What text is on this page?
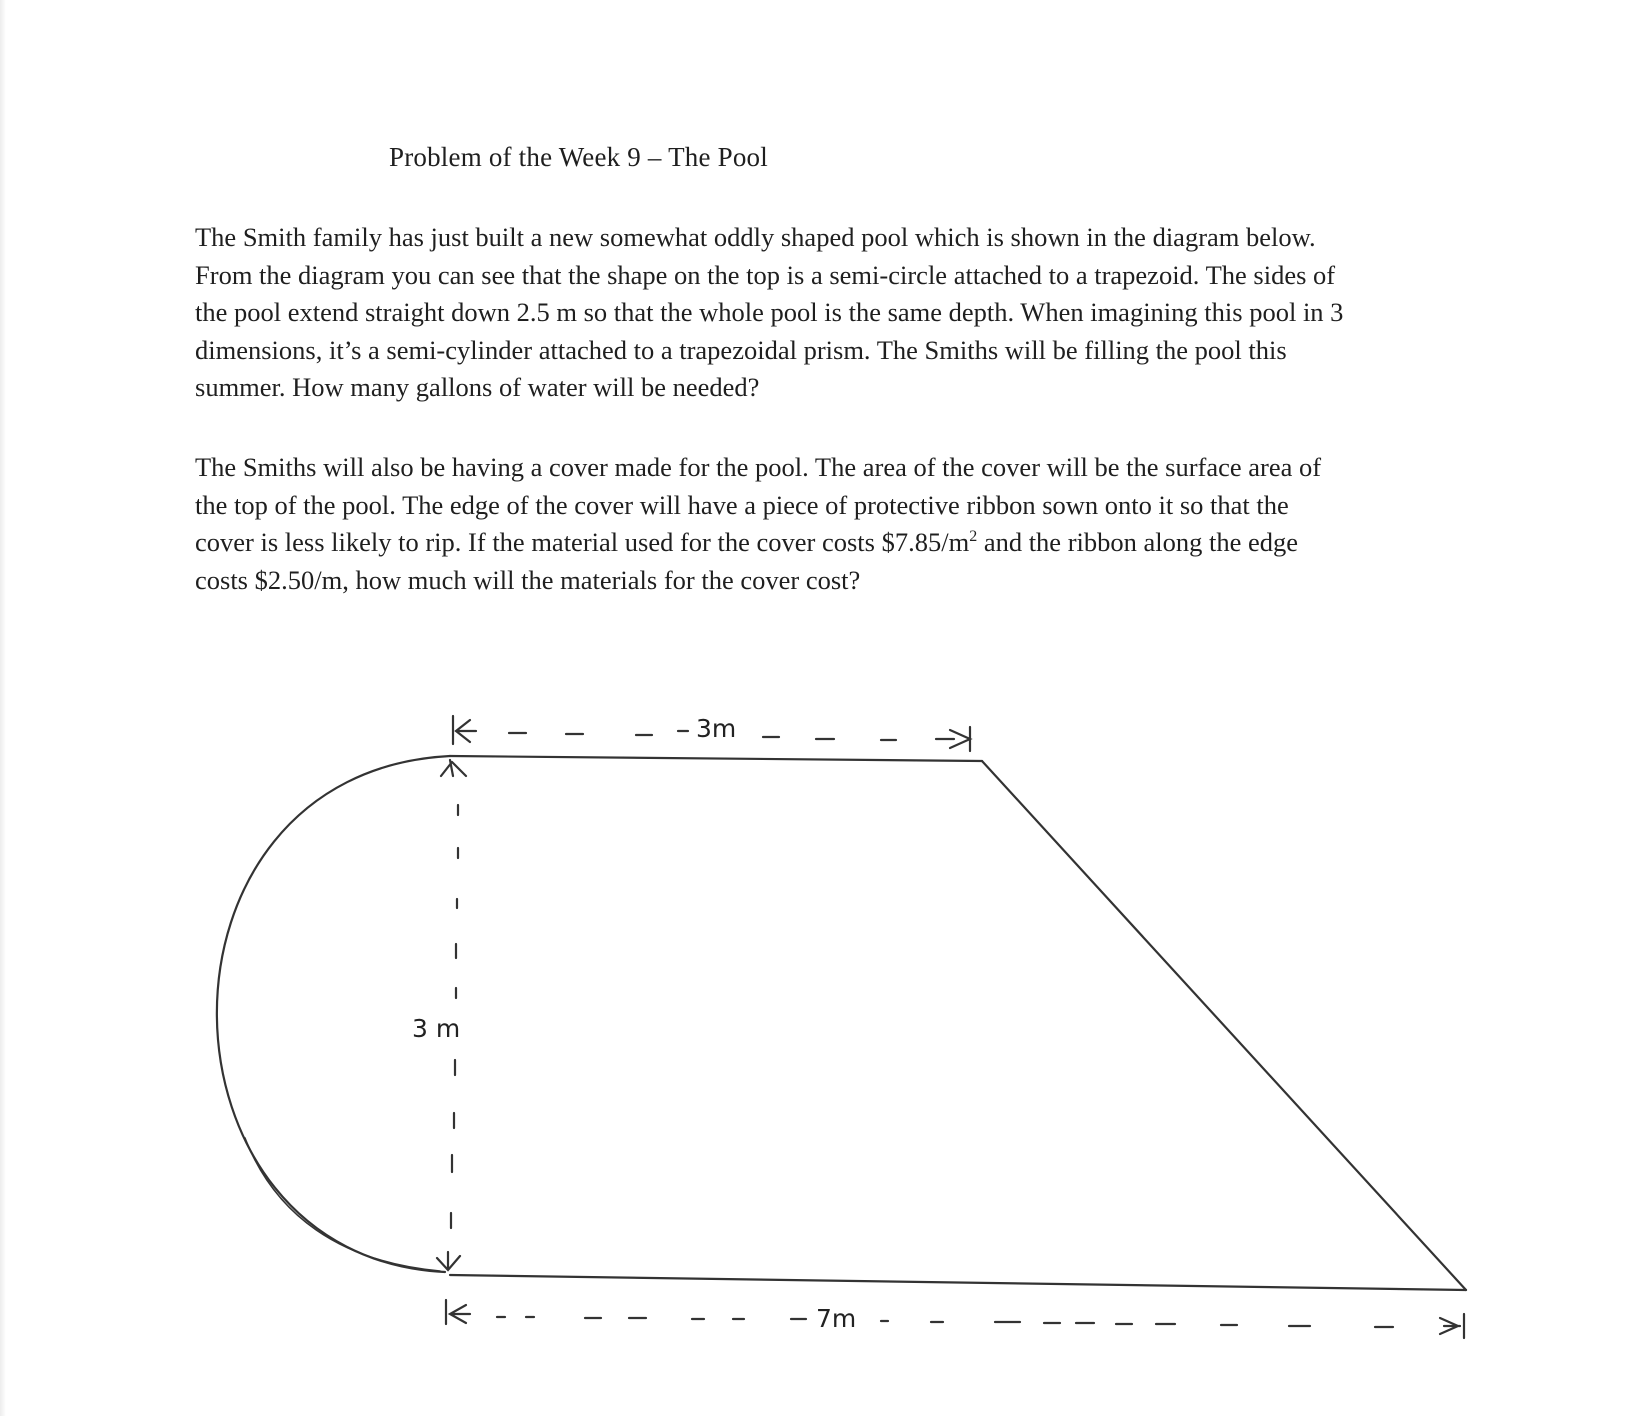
Problem of the Week 9 – The Pool

The Smith family has just built a new somewhat oddly shaped pool which is shown in the diagram below.
From the diagram you can see that the shape on the top is a semi-circle attached to a trapezoid. The sides of
the pool extend straight down 2.5 m so that the whole pool is the same depth. When imagining this pool in 3
dimensions, it’s a semi-cylinder attached to a trapezoidal prism. The Smiths will be filling the pool this
summer. How many gallons of water will be needed?

The Smiths will also be having a cover made for the pool. The area of the cover will be the surface area of
the top of the pool. The edge of the cover will have a piece of protective ribbon sown onto it so that the
cover is less likely to rip. If the material used for the cover costs $\$7.85/m^2$ and the ribbon along the edge
costs $2.50/m, how much will the materials for the cover cost?

3m
3 m
7m
